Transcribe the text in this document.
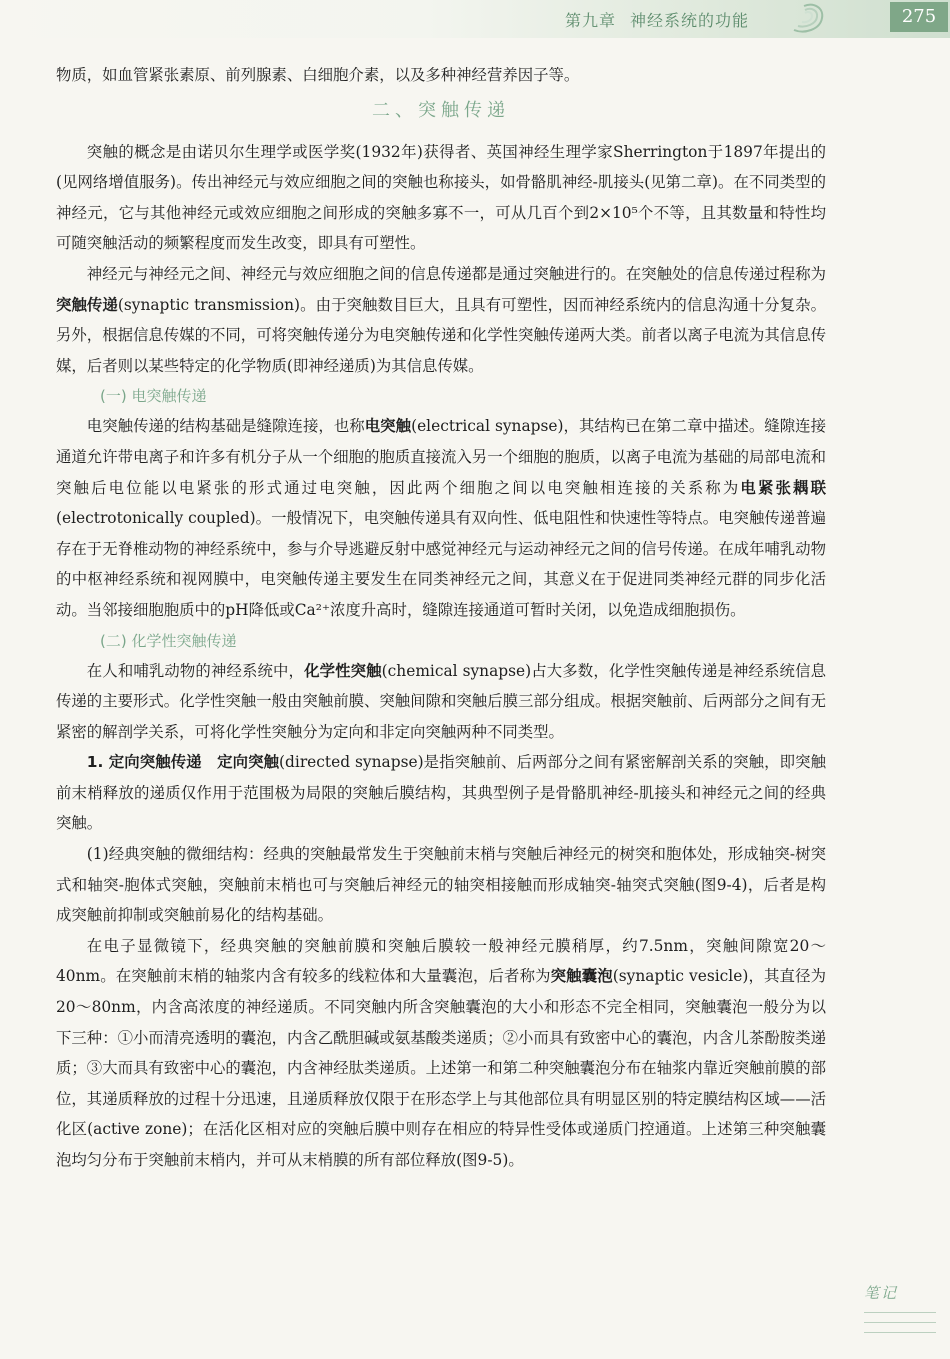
第九章 神经系统的功能	275

物质，如血管紧张素原、前列腺素、白细胞介素，以及多种神经营养因子等。

二、突触传递

突触的概念是由诺贝尔生理学或医学奖(1932年)获得者、英国神经生理学家Sherrington于1897年提出的(见网络增值服务)。传出神经元与效应细胞之间的突触也称接头，如骨骼肌神经-肌接头(见第二章)。在不同类型的神经元，它与其他神经元或效应细胞之间形成的突触多寡不一，可从几百个到2×10⁵个不等，且其数量和特性均可随突触活动的频繁程度而发生改变，即具有可塑性。

神经元与神经元之间、神经元与效应细胞之间的信息传递都是通过突触进行的。在突触处的信息传递过程称为突触传递(synaptic transmission)。由于突触数目巨大，且具有可塑性，因而神经系统内的信息沟通十分复杂。另外，根据信息传媒的不同，可将突触传递分为电突触传递和化学性突触传递两大类。前者以离子电流为其信息传媒，后者则以某些特定的化学物质(即神经递质)为其信息传媒。

(一) 电突触传递

电突触传递的结构基础是缝隙连接，也称电突触(electrical synapse)，其结构已在第二章中描述。缝隙连接通道允许带电离子和许多有机分子从一个细胞的胞质直接流入另一个细胞的胞质，以离子电流为基础的局部电流和突触后电位能以电紧张的形式通过电突触，因此两个细胞之间以电突触相连接的关系称为电紧张耦联(electrotonically coupled)。一般情况下，电突触传递具有双向性、低电阻性和快速性等特点。电突触传递普遍存在于无脊椎动物的神经系统中，参与介导逃避反射中感觉神经元与运动神经元之间的信号传递。在成年哺乳动物的中枢神经系统和视网膜中，电突触传递主要发生在同类神经元之间，其意义在于促进同类神经元群的同步化活动。当邻接细胞胞质中的pH降低或Ca²⁺浓度升高时，缝隙连接通道可暂时关闭，以免造成细胞损伤。

(二) 化学性突触传递

在人和哺乳动物的神经系统中，化学性突触(chemical synapse)占大多数，化学性突触传递是神经系统信息传递的主要形式。化学性突触一般由突触前膜、突触间隙和突触后膜三部分组成。根据突触前、后两部分之间有无紧密的解剖学关系，可将化学性突触分为定向和非定向突触两种不同类型。

1. 定向突触传递　 定向突触(directed synapse)是指突触前、后两部分之间有紧密解剖关系的突触，即突触前末梢释放的递质仅作用于范围极为局限的突触后膜结构，其典型例子是骨骼肌神经-肌接头和神经元之间的经典突触。

(1)经典突触的微细结构：经典的突触最常发生于突触前末梢与突触后神经元的树突和胞体处，形成轴突-树突式和轴突-胞体式突触，突触前末梢也可与突触后神经元的轴突相接触而形成轴突-轴突式突触(图9-4)，后者是构成突触前抑制或突触前易化的结构基础。

在电子显微镜下，经典突触的突触前膜和突触后膜较一般神经元膜稍厚，约7.5nm，突触间隙宽20～40nm。在突触前末梢的轴浆内含有较多的线粒体和大量囊泡，后者称为突触囊泡(synaptic vesicle)，其直径为20～80nm，内含高浓度的神经递质。不同突触内所含突触囊泡的大小和形态不完全相同，突触囊泡一般分为以下三种：①小而清亮透明的囊泡，内含乙酰胆碱或氨基酸类递质；②小而具有致密中心的囊泡，内含儿茶酚胺类递质；③大而具有致密中心的囊泡，内含神经肽类递质。上述第一和第二种突触囊泡分布在轴浆内靠近突触前膜的部位，其递质释放的过程十分迅速，且递质释放仅限于在形态学上与其他部位具有明显区别的特定膜结构区域——活化区(active zone)；在活化区相对应的突触后膜中则存在相应的特异性受体或递质门控通道。上述第三种突触囊泡均匀分布于突触前末梢内，并可从末梢膜的所有部位释放(图9-5)。

笔记
